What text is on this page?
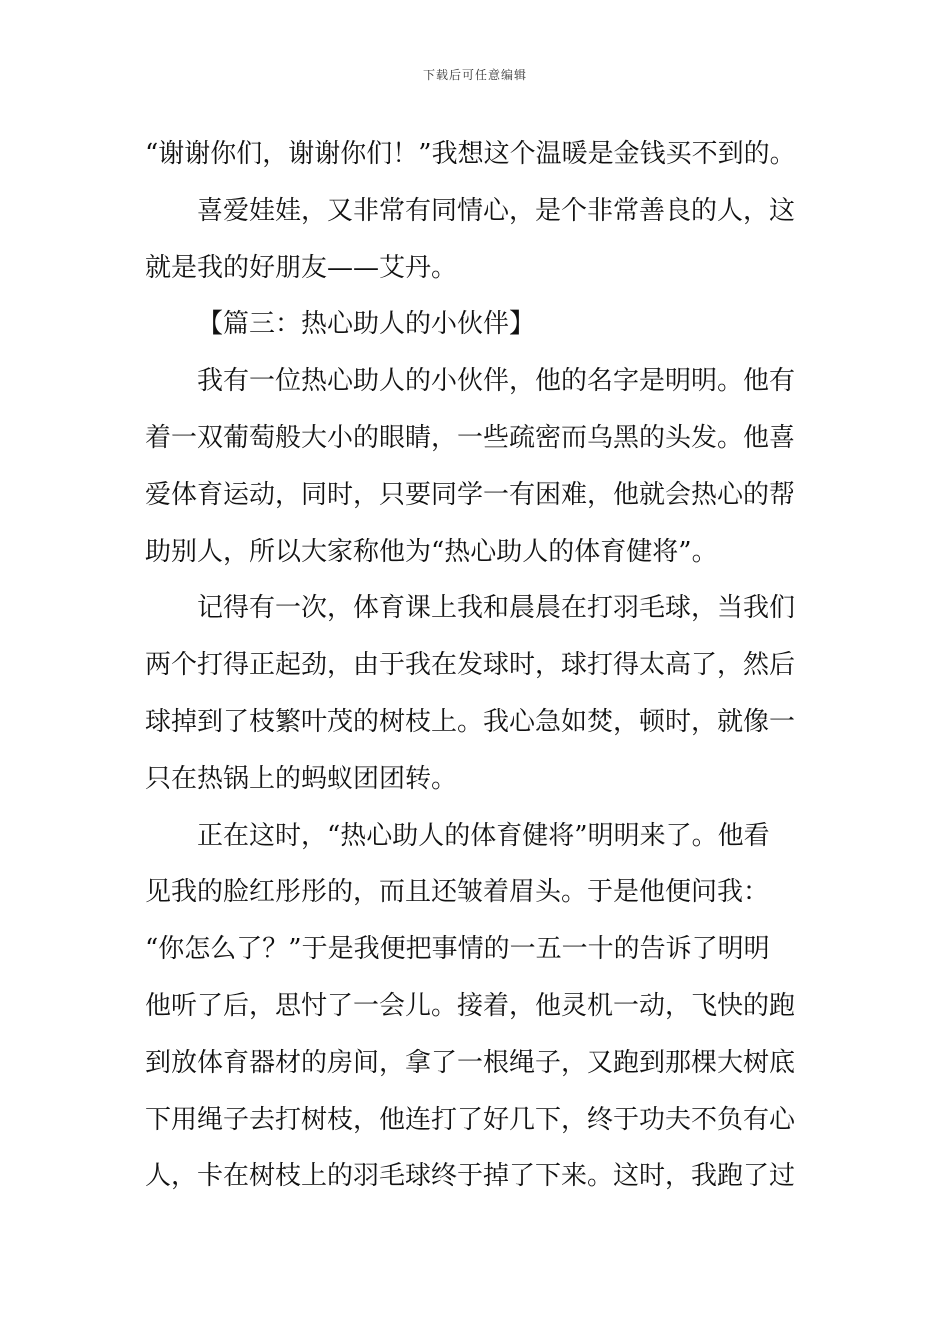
下载后可任意编辑
“谢谢你们，谢谢你们！”我想这个温暖是金钱买不到的。
喜爱娃娃，又非常有同情心，是个非常善良的人，这
就是我的好朋友——艾丹。
【篇三：热心助人的小伙伴】
我有一位热心助人的小伙伴，他的名字是明明。他有
着一双葡萄般大小的眼睛，一些疏密而乌黑的头发。他喜
爱体育运动，同时，只要同学一有困难，他就会热心的帮
助别人，所以大家称他为“热心助人的体育健将”。
记得有一次，体育课上我和晨晨在打羽毛球，当我们
两个打得正起劲，由于我在发球时，球打得太高了，然后
球掉到了枝繁叶茂的树枝上。我心急如焚，顿时，就像一
只在热锅上的蚂蚁团团转。
正在这时，“热心助人的体育健将”明明来了。他看
见我的脸红彤彤的，而且还皱着眉头。于是他便问我：
“你怎么了？”于是我便把事情的一五一十的告诉了明明
他听了后，思忖了一会儿。接着，他灵机一动，飞快的跑
到放体育器材的房间，拿了一根绳子，又跑到那棵大树底
下用绳子去打树枝，他连打了好几下，终于功夫不负有心
人，卡在树枝上的羽毛球终于掉了下来。这时，我跑了过
